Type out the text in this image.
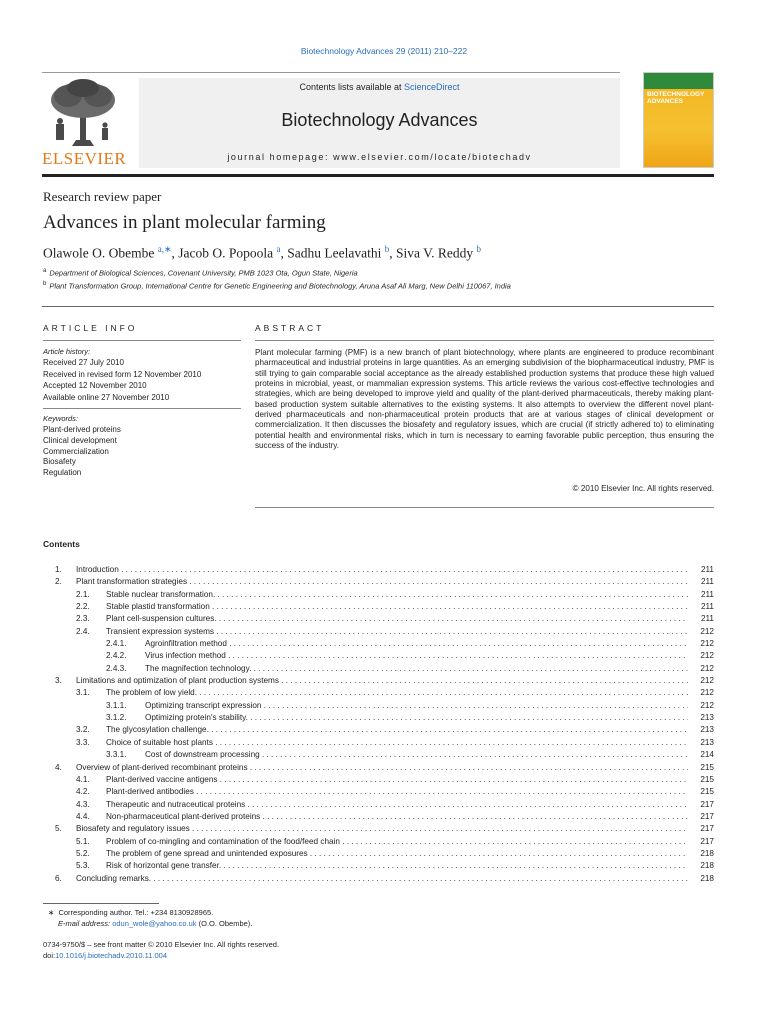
Biotechnology Advances 29 (2011) 210–222
ELSEVIER
Contents lists available at ScienceDirect
Biotechnology Advances
journal homepage: www.elsevier.com/locate/biotechadv
BIOTECHNOLOGY ADVANCES
Research review paper
Advances in plant molecular farming
Olawole O. Obembe $^{a,∗}$, Jacob O. Popoola $^a$, Sadhu Leelavathi $^b$, Siva V. Reddy $^b$
$^a$ Department of Biological Sciences, Covenant University, PMB 1023 Ota, Ogun State, Nigeria
$^b$ Plant Transformation Group, International Centre for Genetic Engineering and Biotechnology, Aruna Asaf Ali Marg, New Delhi 110067, India
ARTICLE INFO
Article history:
Received 27 July 2010
Received in revised form 12 November 2010
Accepted 12 November 2010
Available online 27 November 2010
Keywords:
Plant-derived proteins
Clinical development
Commercialization
Biosafety
Regulation
ABSTRACT
Plant molecular farming (PMF) is a new branch of plant biotechnology, where plants are engineered to produce recombinant pharmaceutical and industrial proteins in large quantities. As an emerging subdivision of the biopharmaceutical industry, PMF is still trying to gain comparable social acceptance as the already established production systems that produce these high valued proteins in microbial, yeast, or mammalian expression systems. This article reviews the various cost-effective technologies and strategies, which are being developed to improve yield and quality of the plant-derived pharmaceuticals, thereby making plant-based production system suitable alternatives to the existing systems. It also attempts to overview the different novel plant-derived pharmaceuticals and non-pharmaceutical protein products that are at various stages of clinical development or commercialization. It then discusses the biosafety and regulatory issues, which are crucial (if strictly adhered to) to eliminating potential health and environmental risks, which in turn is necessary to earning favorable public perception, thus ensuring the success of the industry.
© 2010 Elsevier Inc. All rights reserved.
Contents
1. Introduction . . .	211
2. Plant transformation strategies . . .	211
2.1. Stable nuclear transformation. . . .	211
2.2. Stable plastid transformation . . .	211
2.3. Plant cell-suspension cultures. . . .	211
2.4. Transient expression systems . . .	212
2.4.1. Agroinfiltration method . . .	212
2.4.2. Virus infection method . . .	212
2.4.3. The magnifection technology. . . .	212
3. Limitations and optimization of plant production systems . . .	212
3.1. The problem of low yield. . . .	212
3.1.1. Optimizing transcript expression . . .	212
3.1.2. Optimizing protein's stability. . . .	213
3.2. The glycosylation challenge. . . .	213
3.3. Choice of suitable host plants . . .	213
3.3.1. Cost of downstream processing . . .	214
4. Overview of plant-derived recombinant proteins . . .	215
4.1. Plant-derived vaccine antigens . . .	215
4.2. Plant-derived antibodies . . .	215
4.3. Therapeutic and nutraceutical proteins . . .	217
4.4. Non-pharmaceutical plant-derived proteins . . .	217
5. Biosafety and regulatory issues . . .	217
5.1. Problem of co-mingling and contamination of the food/feed chain . . .	217
5.2. The problem of gene spread and unintended exposures . . .	218
5.3. Risk of horizontal gene transfer. . . .	218
6. Concluding remarks. . . .	218
∗ Corresponding author. Tel.: +234 8130928965.
E-mail address: odun_wole@yahoo.co.uk (O.O. Obembe).
0734-9750/$ – see front matter © 2010 Elsevier Inc. All rights reserved.
doi:10.1016/j.biotechadv.2010.11.004
